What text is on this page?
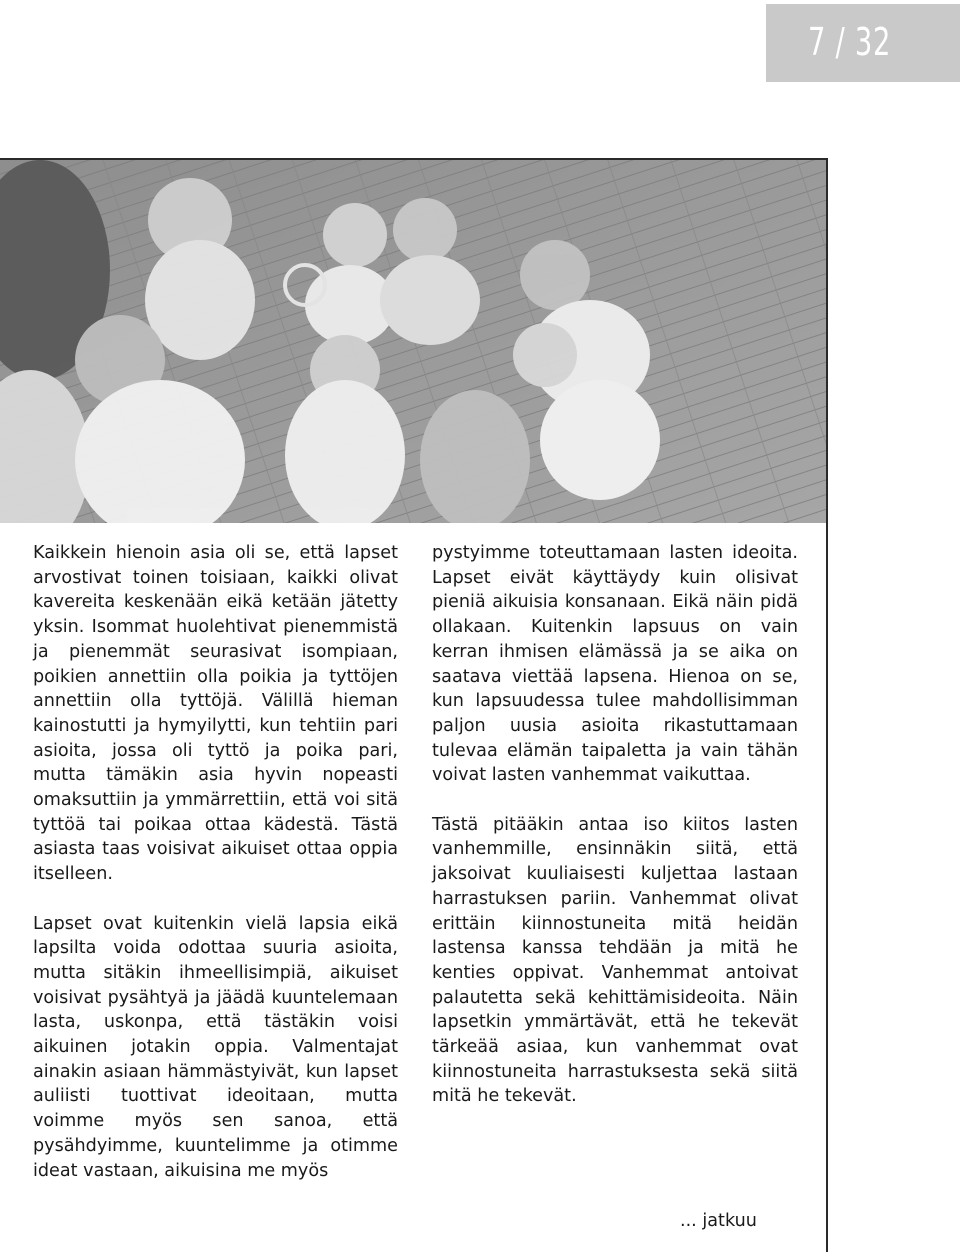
7 / 32

Kaikkein hienoin asia oli se, että lapset arvostivat toinen toisiaan, kaikki olivat kavereita keskenään eikä ketään jätetty yksin. Isommat huolehtivat pienemmistä ja pienemmät seurasivat isompiaan, poikien annettiin olla poikia ja tyttöjen annettiin olla tyttöjä. Välillä hieman kainostutti ja hymyilytti, kun tehtiin pari asioita, jossa oli tyttö ja poika pari, mutta tämäkin asia hyvin nopeasti omaksuttiin ja ymmärrettiin, että voi sitä tyttöä tai poikaa ottaa kädestä. Tästä asiasta taas voisivat aikuiset ottaa oppia itselleen.

Lapset ovat kuitenkin vielä lapsia eikä lapsilta voida odottaa suuria asioita, mutta sitäkin ihmeellisimpiä, aikuiset voisivat pysähtyä ja jäädä kuuntelemaan lasta, uskonpa, että tästäkin voisi aikuinen jotakin oppia. Valmentajat ainakin asiaan hämmästyivät, kun lapset auliisti tuottivat ideoitaan, mutta voimme myös sen sanoa, että pysähdyimme, kuuntelimme ja otimme ideat vastaan, aikuisina me myös

pystyimme toteuttamaan lasten ideoita. Lapset eivät käyttäydy kuin olisivat pieniä aikuisia konsanaan. Eikä näin pidä ollakaan. Kuitenkin lapsuus on vain kerran ihmisen elämässä ja se aika on saatava viettää lapsena. Hienoa on se, kun lapsuudessa tulee mahdollisimman paljon uusia asioita rikastuttamaan tulevaa elämän taipaletta ja vain tähän voivat lasten vanhemmat vaikuttaa.

Tästä pitääkin antaa iso kiitos lasten vanhemmille, ensinnäkin siitä, että jaksoivat kuuliaisesti kuljettaa lastaan harrastuksen pariin. Vanhemmat olivat erittäin kiinnostuneita mitä heidän lastensa kanssa tehdään ja mitä he kenties oppivat. Vanhemmat antoivat palautetta sekä kehittämisideoita. Näin lapsetkin ymmärtävät, että he tekevät tärkeää asiaa, kun vanhemmat ovat kiinnostuneita harrastuksesta sekä siitä mitä he tekevät.

... jatkuu
